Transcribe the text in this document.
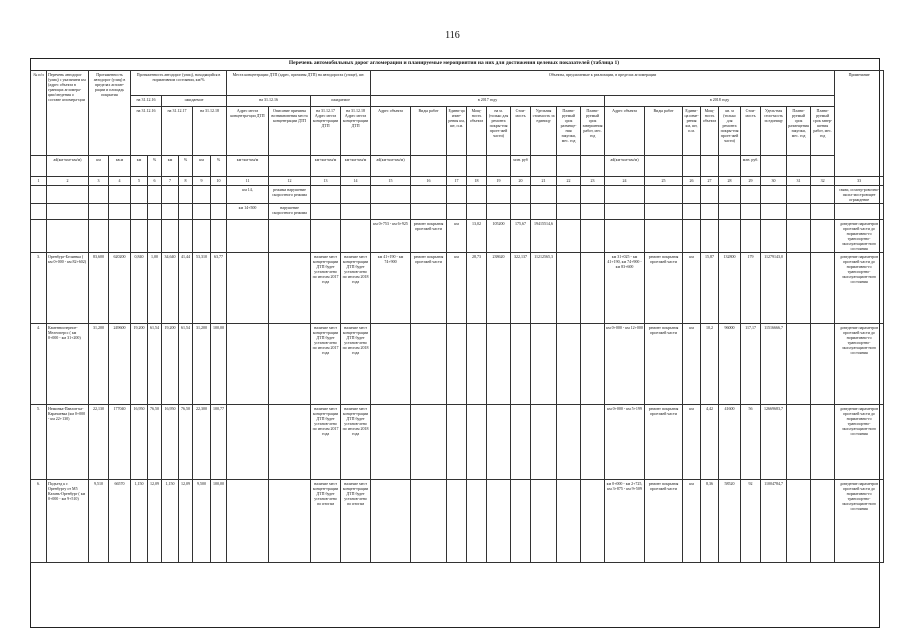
116
Перечень автомобильных дорог агломерации и планируемые мероприятия на них для достижения целевых показателей (таблица 1)
№ п/п	Перечень автодорог (улиц) с указанием км (адрес объекта в границах агломера-ции/сведения о составе агломера-ции	Протяженность автодорог (улиц) в пределах агломе-рации и площадь покрытия		Протяженность автодорог (улиц), находящийся в нормативном состоянии, км/%						Места концентрации ДТП (адрес, причины ДТП) на автодорогах (улице), шт.				Объекты, предлагаемые к реализации, в пределах агломерации																		Примечание
				на 31.12.16		ожидаемое				на 31.12.16		ожидаемое		в 2017 году									в 2018 году									
				на 31.12.16		на 31.12.17		на 31.12.18		Адрес места концентра-ции ДТП	Описание причины возникновения места концентрации ДТП	на 31.12.17 Адрес места концен-трации ДТП	на 31.12.18 Адрес места концен-трации ДТП	Адрес объекта	Виды работ	Едини-ца изме-рения км, шт, п.м.	Мощ-ность объекта	на м. (только для ремонта покры-тия проез-жей части)	Стои-мость	Удельная стоимость за единицу	Плани-руемый срок размеще-ния закупки, мес. год	Плани-руемый срок завершения работ, мес. год	Адрес объекта	Виды работ	Едини-ца изме-рения км, шт, п.м.	Мощ-ность объекта	кв. м (только для ремонта покры-тия проез-жей части)	Стои-мость	Удель-ная стои-мость за единицу	Плани-руемый срок размещения закупки, мес. год	Плани-руемый срок завер-шения работ, мес. год	
	аd(км+км+км/м)	км	кв.м	км	%	км	%	км	%	км+км+км/м		км+км+км/м	км+км+км/м	аd(км+км+км/м)					млн. руб				аd(км+км+км/м)					млн. руб.				
1	2	3	4	5	6	7	8	9	10	11	12	13	14	15	16	17	18	19	20	21	22	23	24	25	26	27	28	29	30	31	32	33
										км 14,	режима нарушение скоростного режима																					связи, осмотр-ровочно-экспл-мостроющее ограждение
										км 14+500	нарушение скоростного режима																					
														км 0+753 - км 6+925	ремонт покрытия проезжей части	км	13,02	105200	175,67	19415514,6												доведение параметров проезжей части до нормативно-го транспортно-эксплуатацион-ного состояния
3.	Оренбург-Беляевка ( км 0+000 - км 82+602)	83,600	620200	0,840	1,00	34,640	41,44	53,310	63,77			наличие мест концен-трации ДТП будет установ-лено по итогам 2017 года	наличие мест концен-трации ДТП будет установ-лено по итогам 2018 года	км 41+190 - км 74+900	ремонт покрытия проезжей части	км	28,73	238620	322,137	11212565,3			км 31+025 - км 41+190, км 74+900 - км 83+600	ремонт покрытия проезжей части	км	15,87	132800	179	11279143,0			доведение параметров проезжей части до нормативно-го транспортно-эксплуатацион-ного состояния
4.	Каменноозерное-Мелеоперсс ( км 0+000 - км 31+200)	31,200	249600	19,200	61,54	19,200	61,54	31,200	100,00			наличие мест концен-трации ДТП будет установ-лено по итогам 2017 года	наличие мест концен-трации ДТП будет установ-лено по итогам 2018 года										км 0+000 - км 12+000	ремонт покрытия проезжей части	км	10,2	96000	117,17	11516666,7			доведение параметров проезжей части до нормативно-го транспортно-эксплуатацион-ного состояния
5.	Нежинка-Павлов-ка-Карачаевка (км 0+000 - км 22+130)	22,130	177040	16,950	76,50	16,950	76,50	22,300	100,77			наличие мест концен-трации ДТП будет установ-лено по итогам 2017 года	наличие мест концен-трации ДТП будет установ-лено по итогам 2018 года										км 0+000 - км 5+199	ремонт покрытия проезжей части	км	4,42	41600	56	12669683,7			доведение параметров проезжей части до нормативно-го транспортно-эксплуатацион-ного состояния
6.	Подъезд к г. Оренбургу от М5 Казань-Оренбург ( км 0+000 - км 9+510)	9,510	66570	1,150	12,09	1,150	12,09	9,500	100,00			наличие мест концен-трации ДТП будет установ-лено по итогам	наличие мест концен-трации ДТП будет установ-лено по итогам										км 0+000 - км 2+725, км 3+875 - км 9+509	ремонт покрытия проезжей части	км	8,36	58520	92	11004784,7			доведение параметров проезжей части до нормативно-го транспортно-эксплуатацион-ного состояния
